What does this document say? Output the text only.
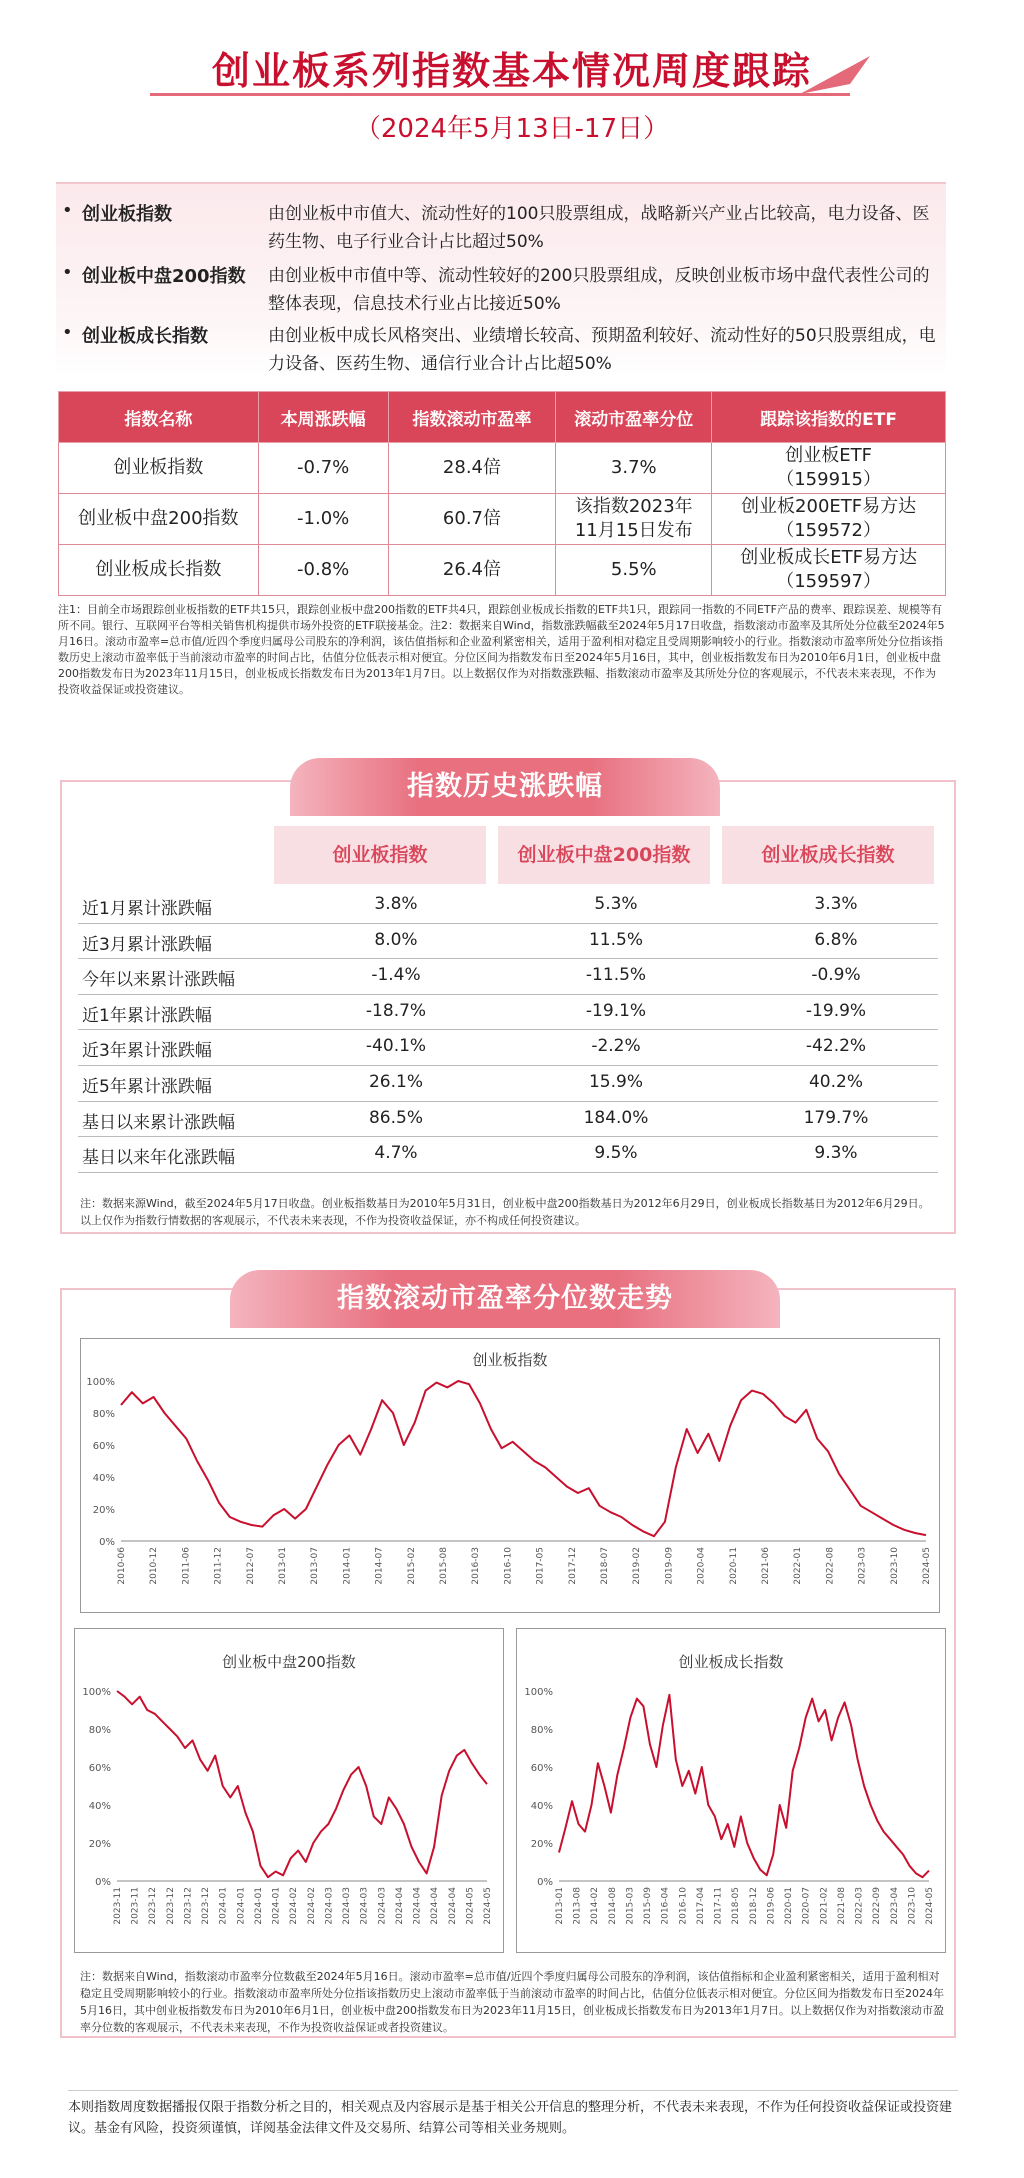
创业板系列指数基本情况周度跟踪
（2024年5月13日-17日）
• 创业板指数	由创业板中市值大、流动性好的100只股票组成，战略新兴产业占比较高，电力设备、医药生物、电子行业合计占比超过50%
• 创业板中盘200指数 由创业板中市值中等、流动性较好的200只股票组成，反映创业板市场中盘代表性公司的整体表现，信息技术行业占比接近50%
• 创业板成长指数	由创业板中成长风格突出、业绩增长较高、预期盈利较好、流动性好的50只股票组成，电力设备、医药生物、通信行业合计占比超50%
指数名称	本周涨跌幅	指数滚动市盈率	滚动市盈率分位	跟踪该指数的ETF
创业板指数	-0.7%	28.4倍	3.7%	创业板ETF
（159915）

创业板中盘200指数	-1.0%	60.7倍	该指数2023年11月15日发布	创业板200ETF易方达
（159572）

创业板成长指数	-0.8%	26.4倍	5.5%	创业板成长ETF易方达
（159597）
注1：目前全市场跟踪创业板指数的ETF共15只，跟踪创业板中盘200指数的ETF共4只，跟踪创业板成长指数的ETF共1只，跟踪同一指数的不同ETF产品的费率、跟踪误差、规模等有所不同。银行、互联网平台等相关销售机构提供市场外投资的ETF联接基金。注2：数据来自Wind，指数涨跌幅截至2024年5月17日收盘，指数滚动市盈率及其所处分位截至2024年5月16日。滚动市盈率=总市值/近四个季度归属母公司股东的净利润，该估值指标和企业盈利紧密相关，适用于盈利相对稳定且受周期影响较小的行业。指数滚动市盈率所处分位指该指数历史上滚动市盈率低于当前滚动市盈率的时间占比，估值分位低表示相对便宜。分位区间为指数发布日至2024年5月16日，其中，创业板指数发布日为2010年6月1日，创业板中盘200指数发布日为2023年11月15日，创业板成长指数发布日为2013年1月7日。以上数据仅作为对指数涨跌幅、指数滚动市盈率及其所处分位的客观展示，不代表未来表现，不作为投资收益保证或投资建议。
指数历史涨跌幅
创业板指数	创业板中盘200指数	创业板成长指数
近1月累计涨跌幅	3.8%	5.3%	3.3%
近3月累计涨跌幅	8.0%	11.5%	6.8%
今年以来累计涨跌幅	-1.4%	-11.5%	-0.9%
近1年累计涨跌幅	-18.7%	-19.1%	-19.9%
近3年累计涨跌幅	-40.1%	-2.2%	-42.2%
近5年累计涨跌幅	26.1%	15.9%	40.2%
基日以来累计涨跌幅	86.5%	184.0%	179.7%
基日以来年化涨跌幅	4.7%	9.5%	9.3%
注：数据来源Wind，截至2024年5月17日收盘。创业板指数基日为2010年5月31日，创业板中盘200指数基日为2012年6月29日，创业板成长指数基日为2012年6月29日。以上仅作为指数行情数据的客观展示，不代表未来表现，不作为投资收益保证，亦不构成任何投资建议。
指数滚动市盈率分位数走势
创业板指数
0%
20%
40%
60%
80%
100%
2010-06 2010-12 2011-06 2011-12 2012-07 2013-01 2013-07 2014-01 2014-07 2015-02 2015-08 2016-03 2016-10 2017-05 2017-12 2018-07 2019-02 2019-09 2020-04 2020-11 2021-06 2022-01 2022-08 2023-03 2023-10 2024-05
创业板中盘200指数
0%
20%
40%
60%
80%
100%
2023-11 2023-11 2023-12 2023-12 2023-12 2023-12 2024-01 2024-01 2024-01 2024-01 2024-02 2024-02 2024-03 2024-03 2024-03 2024-03 2024-04 2024-04 2024-04 2024-04 2024-05 2024-05
创业板成长指数
0%
20%
40%
60%
80%
100%
2013-01 2013-08 2014-02 2014-08 2015-03 2015-09 2016-04 2016-10 2017-04 2017-11 2018-05 2018-12 2019-06 2020-01 2020-07 2021-02 2021-08 2022-03 2022-09 2023-04 2023-10 2024-05
注：数据来自Wind，指数滚动市盈率分位数截至2024年5月16日。滚动市盈率=总市值/近四个季度归属母公司股东的净利润，该估值指标和企业盈利紧密相关，适用于盈利相对稳定且受周期影响较小的行业。指数滚动市盈率所处分位指该指数历史上滚动市盈率低于当前滚动市盈率的时间占比，估值分位低表示相对便宜。分位区间为指数发布日至2024年5月16日，其中创业板指数发布日为2010年6月1日，创业板中盘200指数发布日为2023年11月15日，创业板成长指数发布日为2013年1月7日。以上数据仅作为对指数滚动市盈率分位数的客观展示，不代表未来表现，不作为投资收益保证或者投资建议。
本则指数周度数据播报仅限于指数分析之目的，相关观点及内容展示是基于相关公开信息的整理分析，不代表未来表现，不作为任何投资收益保证或投资建议。基金有风险，投资须谨慎，详阅基金法律文件及交易所、结算公司等相关业务规则。
